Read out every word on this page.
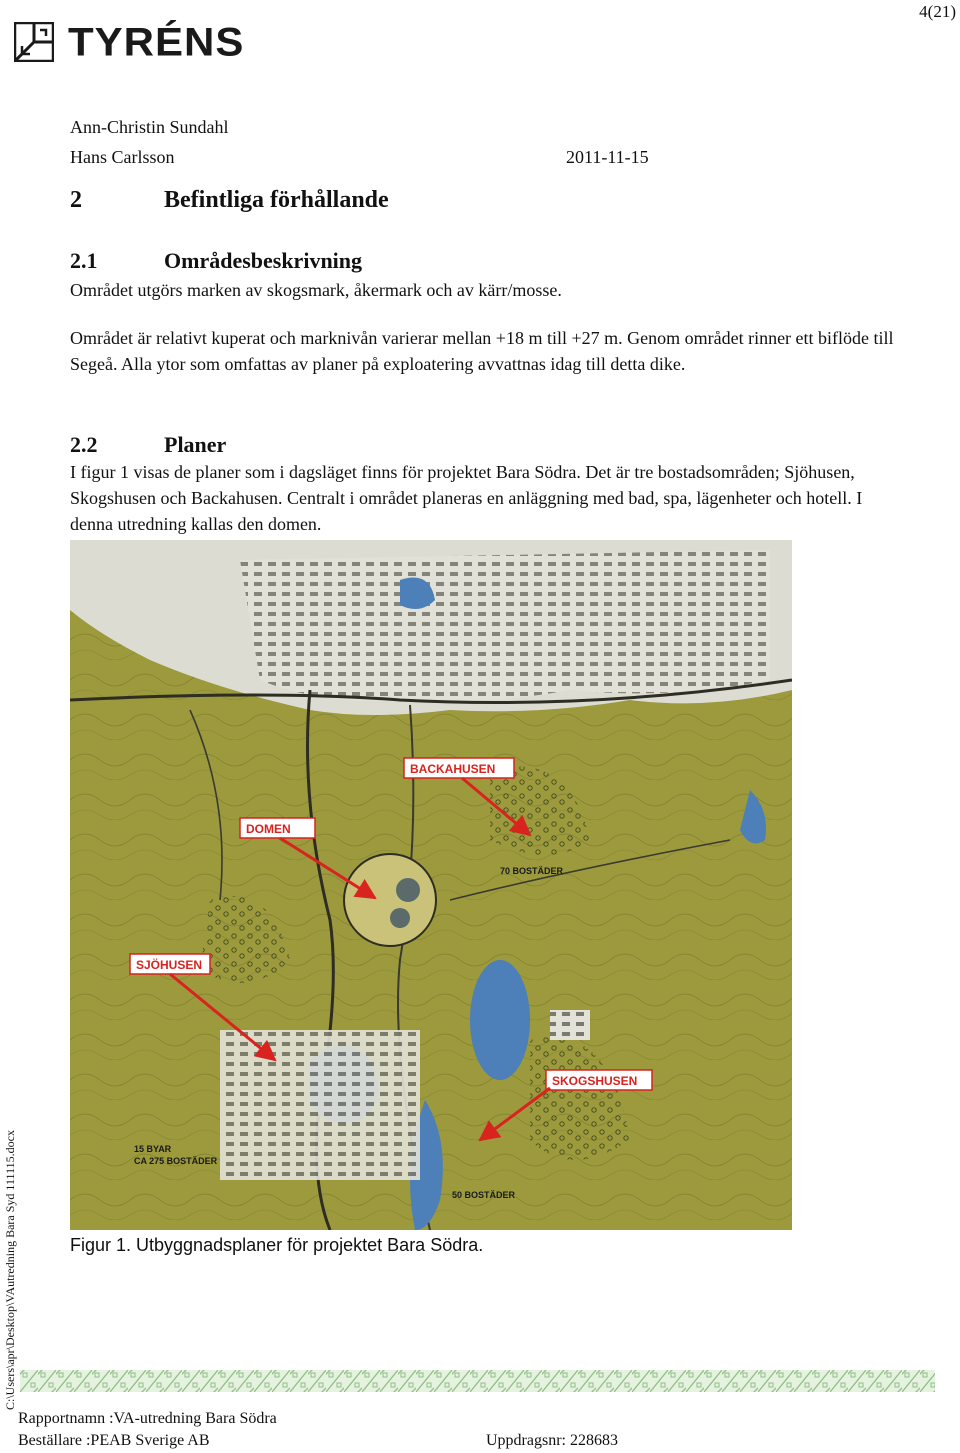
4(21)
TYRÉNS
Ann-Christin Sundahl
Hans Carlsson	2011-11-15
2	Befintliga förhållande
2.1	Områdesbeskrivning

Området utgörs marken av skogsmark, åkermark och av kärr/mosse.

Området är relativt kuperat och marknivån varierar mellan +18 m till +27 m. Genom området rinner ett biflöde till Segeå. Alla ytor som omfattas av planer på exploatering avvattnas idag till detta dike.

2.2	Planer

I figur 1 visas de planer som i dagsläget finns för projektet Bara Södra. Det är tre bostadsområden; Sjöhusen, Skogshusen och Backahusen. Centralt i området planeras en anläggning med bad, spa, lägenheter och hotell. I denna utredning kallas den domen.

BACKAHUSEN
DOMEN
SJÖHUSEN
SKOGSHUSEN
70 BOSTÄDER
15 BYAR
CA 275 BOSTÄDER
50 BOSTÄDER
Figur 1. Utbyggnadsplaner för projektet Bara Södra.
C:\Users\apr\Desktop\VAutredning Bara Syd 111115.docx
Rapportnamn :VA-utredning Bara Södra
Beställare :PEAB Sverige AB	Uppdragsnr: 228683
